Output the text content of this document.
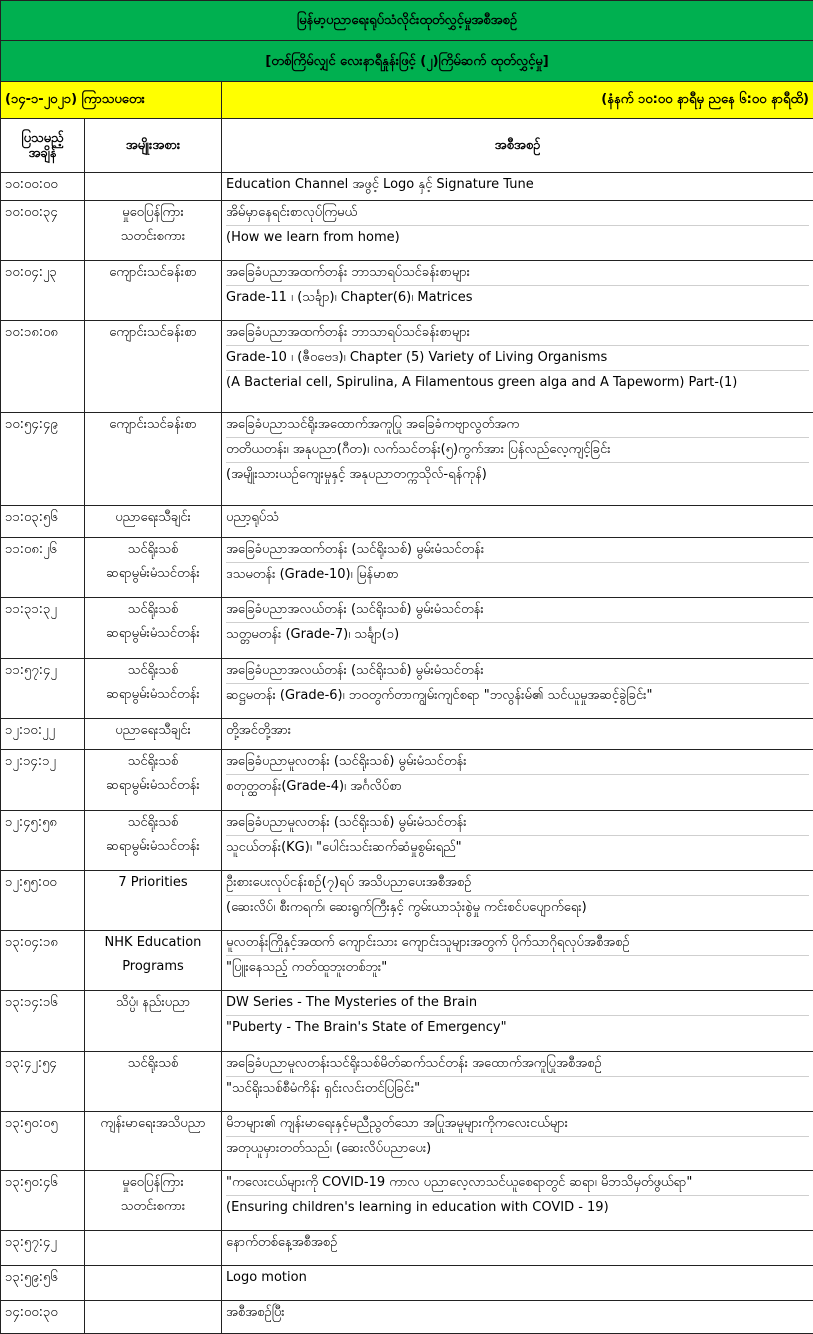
မြန်မာ့ပညာရေးရုပ်သံလိုင်းထုတ်လွှင့်မှုအစီအစဉ်		
[တစ်ကြိမ်လျှင် လေးနာရီနှုန်းဖြင့် (၂)ကြိမ်ဆက် ထုတ်လွှင့်မှု]		
(၁၄-၁-၂၀၂၁) ကြာသပတေး		(နံနက် ၁၀:၀၀ နာရီမှ ညနေ ၆:၀၀ နာရီထိ)
ပြသမည့်
အချိန်	အမျိုးအစား	အစီအစဉ်

၁၀:၀၀:၀၀		Education Channel အဖွင့် Logo နှင့် Signature Tune

၁၀:၀၀:၃၄	မှုဝေပြန်ကြား
သတင်းစကား	အိမ်မှာနေရင်းစာလုပ်ကြမယ်
(How we learn from home)

၁၀:၀၄:၂၃	ကျောင်းသင်ခန်းစာ	အခြေခံပညာအထက်တန်း ဘာသာရပ်သင်ခန်းစာများ
Grade-11 ၊ (သင်္ချာ)၊ Chapter(6)၊ Matrices

၁၀:၁၈:၀၈	ကျောင်းသင်ခန်းစာ	အခြေခံပညာအထက်တန်း ဘာသာရပ်သင်ခန်းစာများ
Grade-10 ၊ (ဇီဝဗေဒ)၊ Chapter (5) Variety of Living Organisms
(A Bacterial cell, Spirulina, A Filamentous green alga and A Tapeworm) Part-(1)

၁၀:၅၄:၄၉	ကျောင်းသင်ခန်းစာ	အခြေခံပညာသင်ရိုးအထောက်အကူပြု အခြေခံကဗျာလွတ်အက
တတိယတန်း၊ အနုပညာ(ဂီတ)၊ လက်သင်တန်း(၅)ကွက်အား ပြန်လည်လေ့ကျင့်ခြင်း
(အမျိုးသားယဉ်ကျေးမှုနှင့် အနုပညာတက္ကသိုလ်-ရန်ကုန်)

၁၁:၀၃:၅၆	ပညာရေးသီချင်း	ပညာ့ရုပ်သံ

၁၁:၀၈:၂၆	သင်ရိုးသစ်
ဆရာမွမ်းမံသင်တန်း	အခြေခံပညာအထက်တန်း (သင်ရိုးသစ်) မွမ်းမံသင်တန်း
ဒသမတန်း (Grade-10)၊ မြန်မာစာ

၁၁:၃၁:၃၂	သင်ရိုးသစ်
ဆရာမွမ်းမံသင်တန်း	အခြေခံပညာအလယ်တန်း (သင်ရိုးသစ်) မွမ်းမံသင်တန်း
သတ္တမတန်း (Grade-7)၊ သင်္ချာ(၁)

၁၁:၅၇:၄၂	သင်ရိုးသစ်
ဆရာမွမ်းမံသင်တန်း	အခြေခံပညာအလယ်တန်း (သင်ရိုးသစ်) မွမ်းမံသင်တန်း
ဆဋ္ဌမတန်း (Grade-6)၊ ဘဝတွက်တာကျွမ်းကျင်စရာ "ဘလွန်းမ်၏ သင်ယူမှုအဆင့်ခွဲခြင်း"

၁၂:၁၀:၂၂	ပညာရေးသီချင်း	တို့အင်တို့အား

၁၂:၁၄:၁၂	သင်ရိုးသစ်
ဆရာမွမ်းမံသင်တန်း	အခြေခံပညာမူလတန်း (သင်ရိုးသစ်) မွမ်းမံသင်တန်း
စတုတ္ထတန်း(Grade-4)၊ အင်္ဂလိပ်စာ

၁၂:၄၅:၅၈	သင်ရိုးသစ်
ဆရာမွမ်းမံသင်တန်း	အခြေခံပညာမူလတန်း (သင်ရိုးသစ်) မွမ်းမံသင်တန်း
သူငယ်တန်း(KG)၊ "ပေါင်းသင်းဆက်ဆံမှုစွမ်းရည်"

၁၂:၅၅:၀၀	7 Priorities	ဦးစားပေးလုပ်ငန်းစဉ်(၇)ရပ် အသိပညာပေးအစီအစဉ်
(ဆေးလိပ်၊ စီးကရက်၊ ဆေးရွက်ကြီးနှင့် ကွမ်းယာသုံးစွဲမှု ကင်းစင်ပပျောက်ရေး)

၁၃:၀၄:၁၈	NHK Education
Programs	မူလတန်းကြိုနှင့်အထက် ကျောင်းသား ကျောင်းသူများအတွက် ပိုက်သာဂိုရလုပ်အစီအစဉ်
"ပြူးနေသည့် ကတ်ထူဘူးတစ်ဘူး"

၁၃:၁၄:၁၆	သိပ္ပံ၊ နည်းပညာ	DW Series - The Mysteries of the Brain
"Puberty - The Brain's State of Emergency"

၁၃:၄၂:၅၄	သင်ရိုးသစ်	အခြေခံပညာမူလတန်းသင်ရိုးသစ်မိတ်ဆက်သင်တန်း အထောက်အကူပြုအစီအစဉ်
"သင်ရိုးသစ်စီမံကိန်း ရှင်းလင်းတင်ပြခြင်း"

၁၃:၅၀:၀၅	ကျန်းမာရေးအသိပညာ	မိဘများ၏ ကျန်းမာရေးနှင့်မညီညွတ်သော အပြုအမူများကိုကလေးငယ်များ
အတုယူမှားတတ်သည်၊ (ဆေးလိပ်ပညာပေး)

၁၃:၅၀:၄၆	မှုဝေပြန်ကြား
သတင်းစကား	"ကလေးငယ်များကို COVID-19 ကာလ ပညာလေ့လာသင်ယူစေရာတွင် ဆရာ၊ မိဘသိမှတ်ဖွယ်ရာ"
(Ensuring children's learning in education with COVID - 19)

၁၃:၅၇:၄၂		နောက်တစ်နေ့အစီအစဉ်

၁၃:၅၉:၅၆		Logo motion

၁၄:၀၀:၃၀		အစီအစဉ်ပြီး
